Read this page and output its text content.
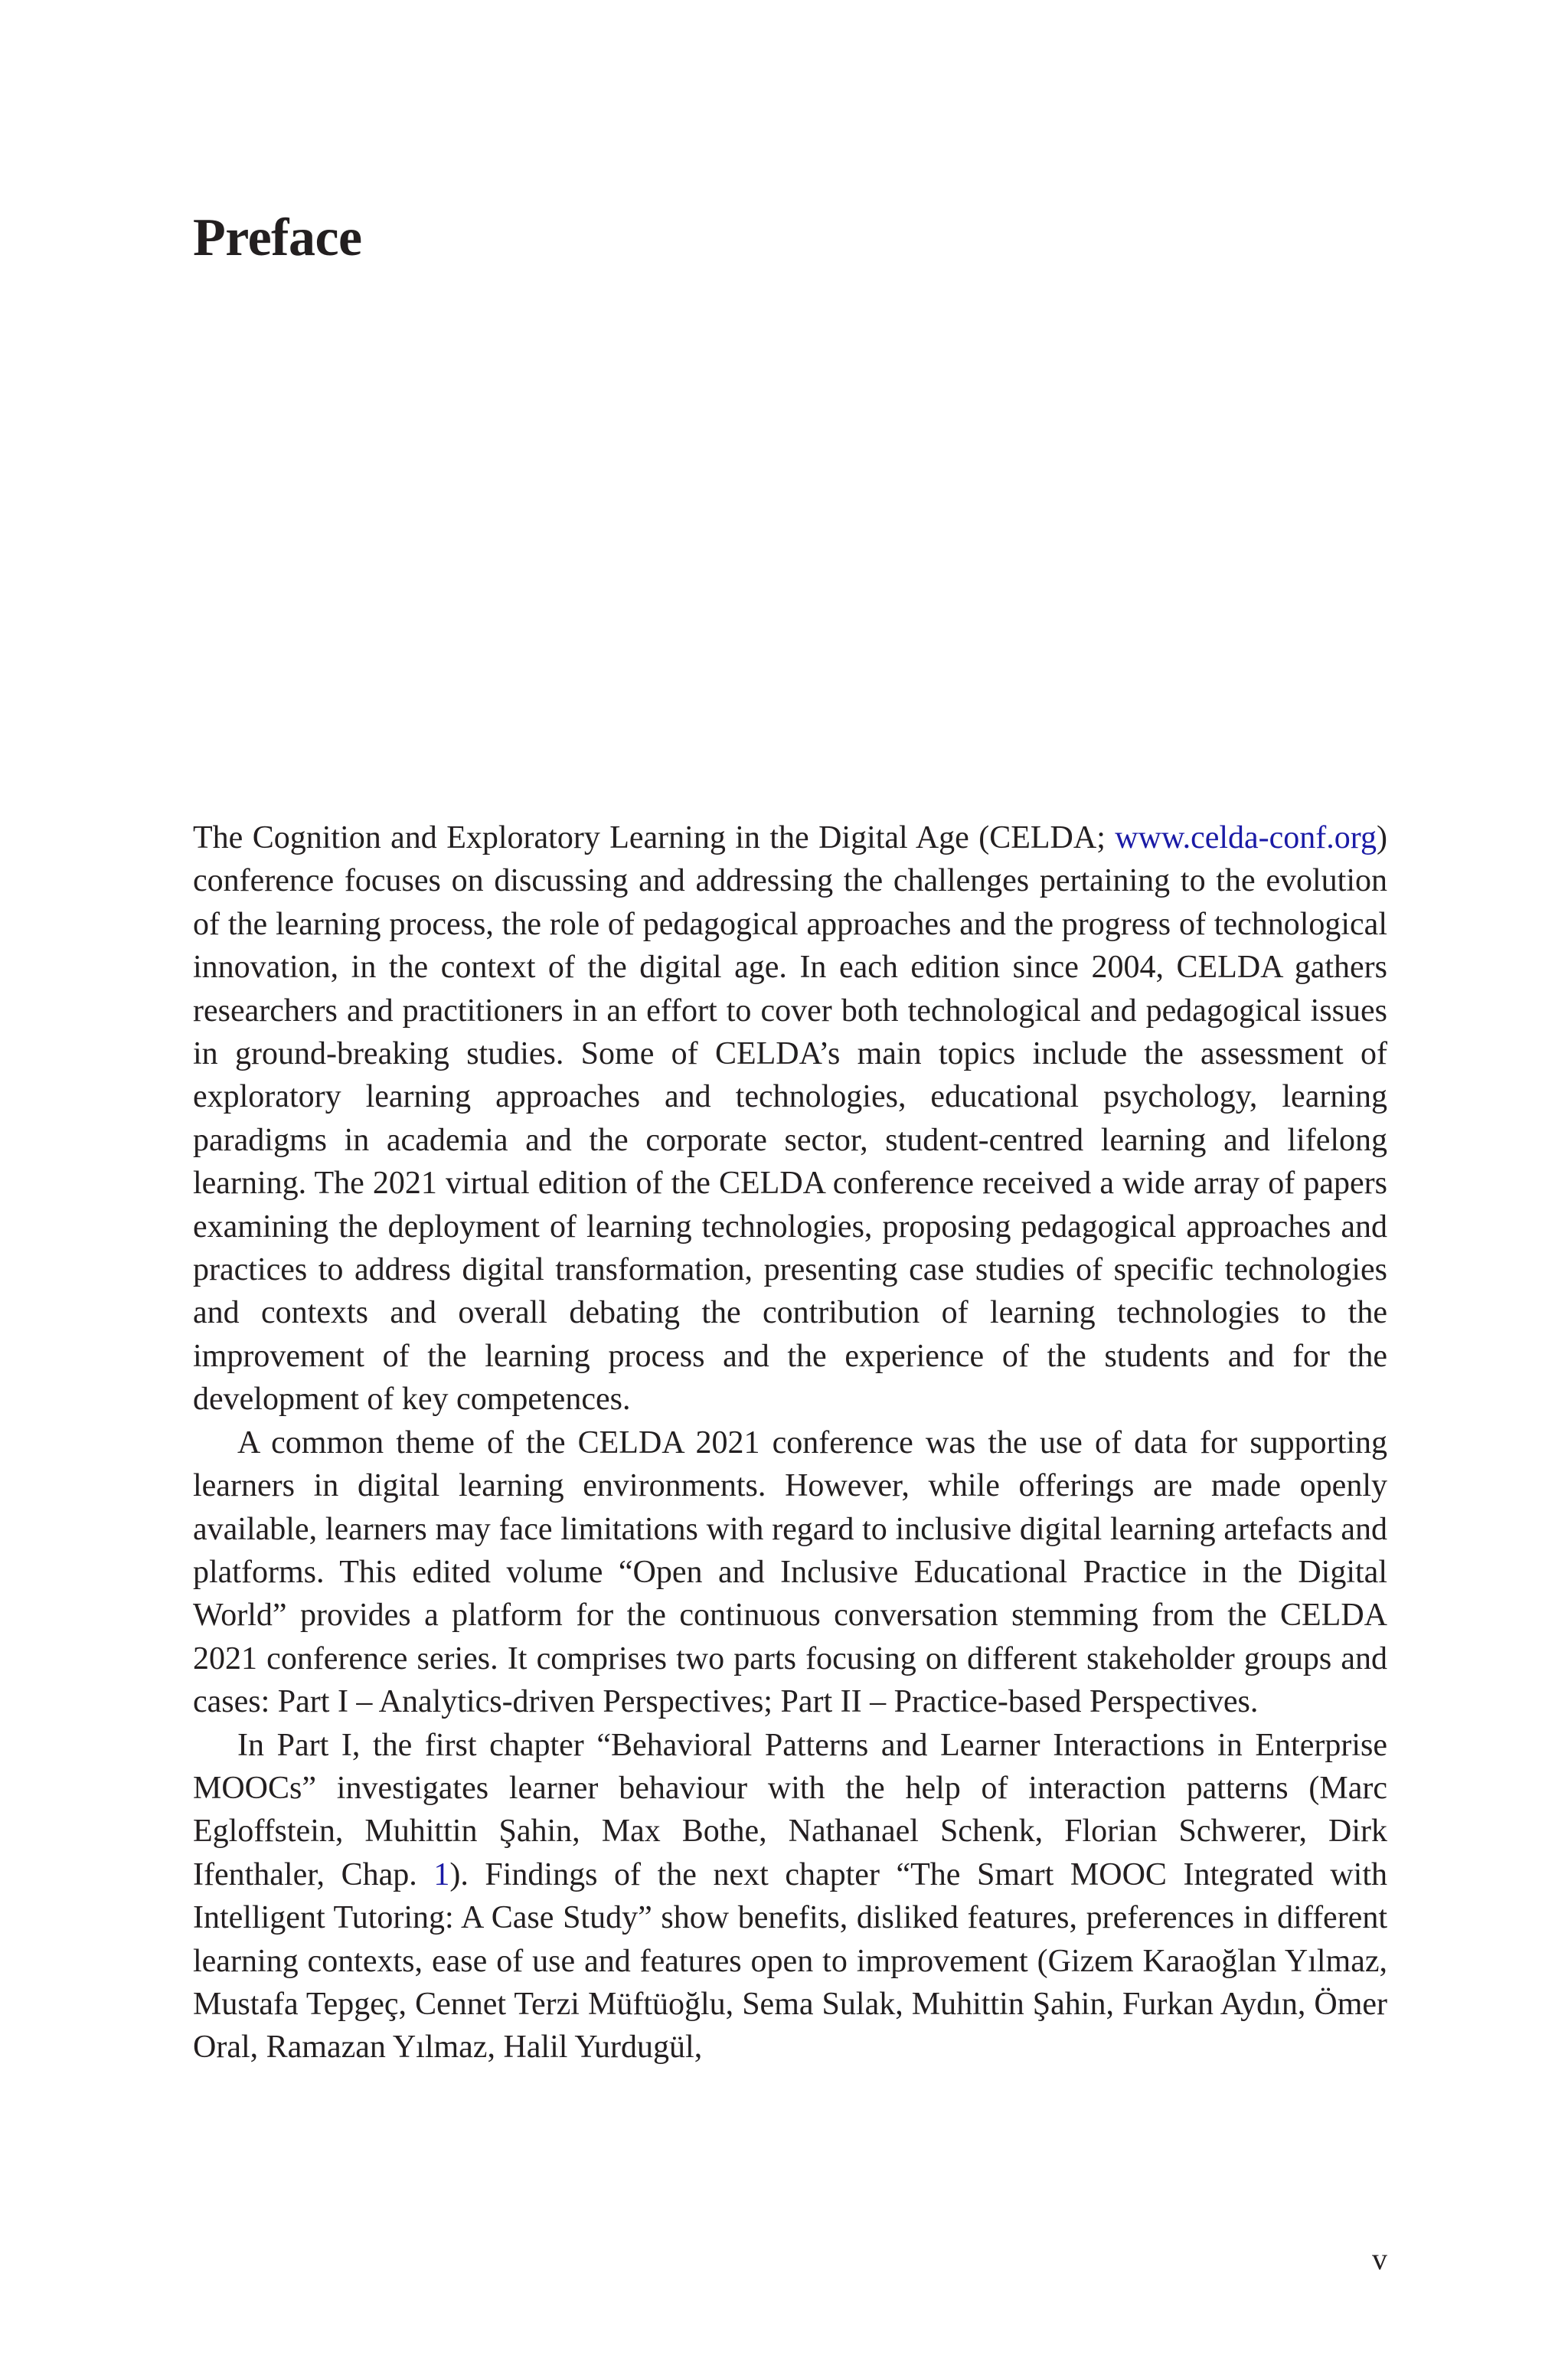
Preface

The Cognition and Exploratory Learning in the Digital Age (CELDA; www.celda-conf.org) conference focuses on discussing and addressing the challenges pertaining to the evolution of the learning process, the role of pedagogical approaches and the progress of technological innovation, in the context of the digital age. In each edition since 2004, CELDA gathers researchers and practitioners in an effort to cover both technological and pedagogical issues in ground-breaking studies. Some of CELDA’s main topics include the assessment of exploratory learning approaches and technologies, educational psychology, learning paradigms in academia and the corporate sector, student-centred learning and lifelong learning. The 2021 virtual edition of the CELDA conference received a wide array of papers examining the deployment of learning technologies, proposing pedagogical approaches and practices to address digital transformation, presenting case studies of specific technologies and contexts and overall debating the contribution of learning technologies to the improvement of the learning process and the experience of the students and for the development of key competences.

A common theme of the CELDA 2021 conference was the use of data for supporting learners in digital learning environments. However, while offerings are made openly available, learners may face limitations with regard to inclusive digital learning artefacts and platforms. This edited volume “Open and Inclusive Educational Practice in the Digital World” provides a platform for the continuous conversation stemming from the CELDA 2021 conference series. It comprises two parts focusing on different stakeholder groups and cases: Part I – Analytics-driven Perspectives; Part II – Practice-based Perspectives.

In Part I, the first chapter “Behavioral Patterns and Learner Interactions in Enterprise MOOCs” investigates learner behaviour with the help of interaction patterns (Marc Egloffstein, Muhittin Şahin, Max Bothe, Nathanael Schenk, Florian Schwerer, Dirk Ifenthaler, Chap. 1). Findings of the next chapter “The Smart MOOC Integrated with Intelligent Tutoring: A Case Study” show benefits, disliked features, preferences in different learning contexts, ease of use and features open to improvement (Gizem Karaoğlan Yılmaz, Mustafa Tepgeç, Cennet Terzi Müftüoğlu, Sema Sulak, Muhittin Şahin, Furkan Aydın, Ömer Oral, Ramazan Yılmaz, Halil Yurdugül,

v
